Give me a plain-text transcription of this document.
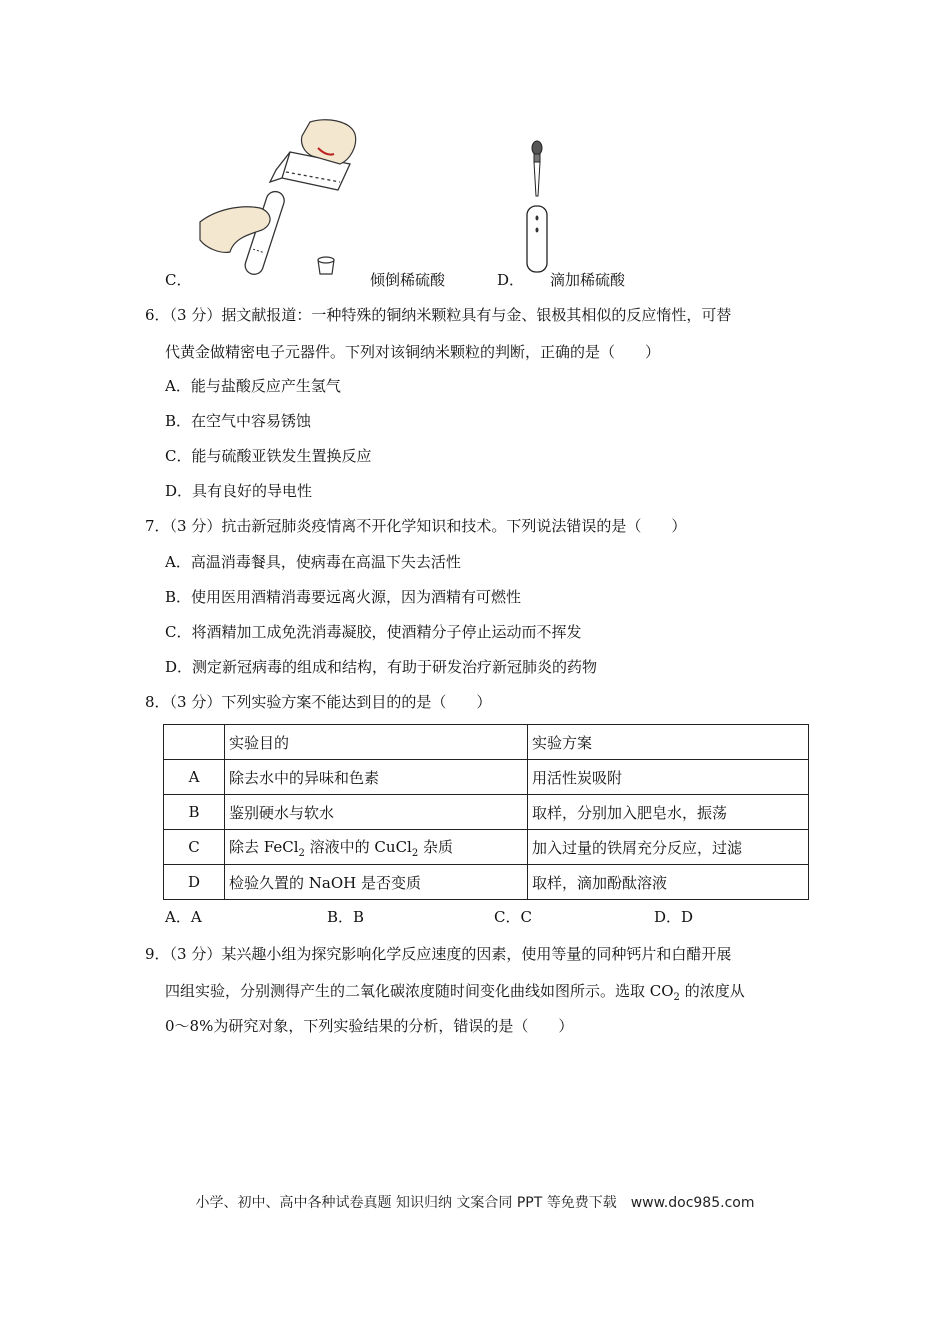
C．	倾倒稀硫酸	D． 滴加稀硫酸
6．（3 分）据文献报道：一种特殊的铜纳米颗粒具有与金、银极其相似的反应惰性，可替
代黄金做精密电子元器件。下列对该铜纳米颗粒的判断，正确的是（　　）
A．能与盐酸反应产生氢气
B．在空气中容易锈蚀
C．能与硫酸亚铁发生置换反应
D．具有良好的导电性
7．（3 分）抗击新冠肺炎疫情离不开化学知识和技术。下列说法错误的是（　　）
A．高温消毒餐具，使病毒在高温下失去活性
B．使用医用酒精消毒要远离火源，因为酒精有可燃性
C．将酒精加工成免洗消毒凝胶，使酒精分子停止运动而不挥发
D．测定新冠病毒的组成和结构，有助于研发治疗新冠肺炎的药物
8．（3 分）下列实验方案不能达到目的的是（　　）
	实验目的	实验方案
A	除去水中的异味和色素	用活性炭吸附
B	鉴别硬水与软水	取样，分别加入肥皂水，振荡
C	除去 FeCl$_2$ 溶液中的 CuCl$_2$ 杂质	加入过量的铁屑充分反应，过滤
D	检验久置的 NaOH 是否变质	取样，滴加酚酞溶液
A．A	B．B	C．C	D．D
9．（3 分）某兴趣小组为探究影响化学反应速度的因素，使用等量的同种钙片和白醋开展
四组实验，分别测得产生的二氧化碳浓度随时间变化曲线如图所示。选取 $CO_2$ 的浓度从
0～8%为研究对象，下列实验结果的分析，错误的是（　　）
小学、初中、高中各种试卷真题 知识归纳 文案合同 PPT 等免费下载　www.doc985.com
